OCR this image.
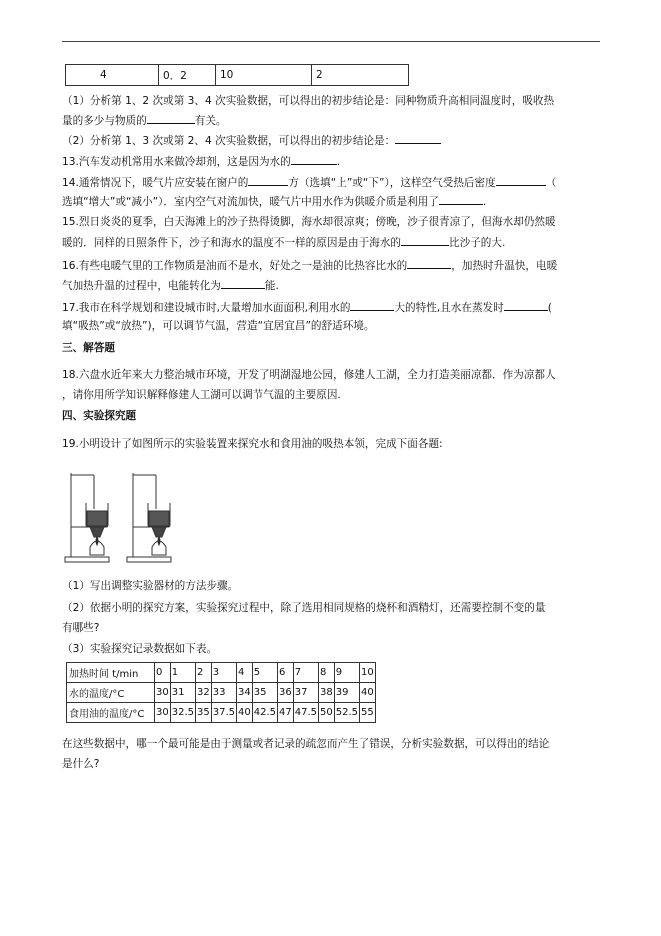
4	0．2	10	2
（1）分析第 1、2 次或第 3、4 次实验数据，可以得出的初步结论是：同种物质升高相同温度时，吸收热
量的多少与物质的	有关。
（2）分析第 1、3 次或第 2、4 次实验数据，可以得出的初步结论是：
13.汽车发动机常用水来做冷却剂，这是因为水的	.
14.通常情况下，暖气片应安装在窗户的	方（选填“上”或“下”），这样空气受热后密度	（
选填“增大”或“减小”）．室内空气对流加快，暖气片中用水作为供暖介质是利用了	.
15.烈日炎炎的夏季，白天海滩上的沙子热得烫脚，海水却很凉爽；傍晚，沙子很青凉了，但海水却仍然暖
暖的．同样的日照条件下，沙子和海水的温度不一样的原因是由于海水的	比沙子的大.
16.有些电暖气里的工作物质是油而不是水，好处之一是油的比热容比水的	，加热时升温快，电暖
气加热升温的过程中，电能转化为	能.
17.我市在科学规划和建设城市时,大量增加水面面积,利用水的	大的特性,且水在蒸发时	(
填“吸热”或“放热”)，可以调节气温，营造“宜居宜昌”的舒适环境。
三、解答题
18.六盘水近年来大力整治城市环境，开发了明湖湿地公园，修建人工湖，全力打造美丽凉都．作为凉都人
，请你用所学知识解释修建人工湖可以调节气温的主要原因.
四、实验探究题
19.小明设计了如图所示的实验装置来探究水和食用油的吸热本领，完成下面各题:
（1）写出调整实验器材的方法步骤。
（2）依据小明的探究方案，实验探究过程中，除了选用相同规格的烧杯和酒精灯，还需要控制不变的量
有哪些?
（3）实验探究记录数据如下表。
加热时间 t/min	0	1	2	3	4	5	6	7	8	9	10
水的温度/°C	30	31	32	33	34	35	36	37	38	39	40
食用油的温度/°C	30	32.5	35	37.5	40	42.5	47	47.5	50	52.5	55
在这些数据中，哪一个最可能是由于测量或者记录的疏忽而产生了错误，分析实验数据，可以得出的结论
是什么?
